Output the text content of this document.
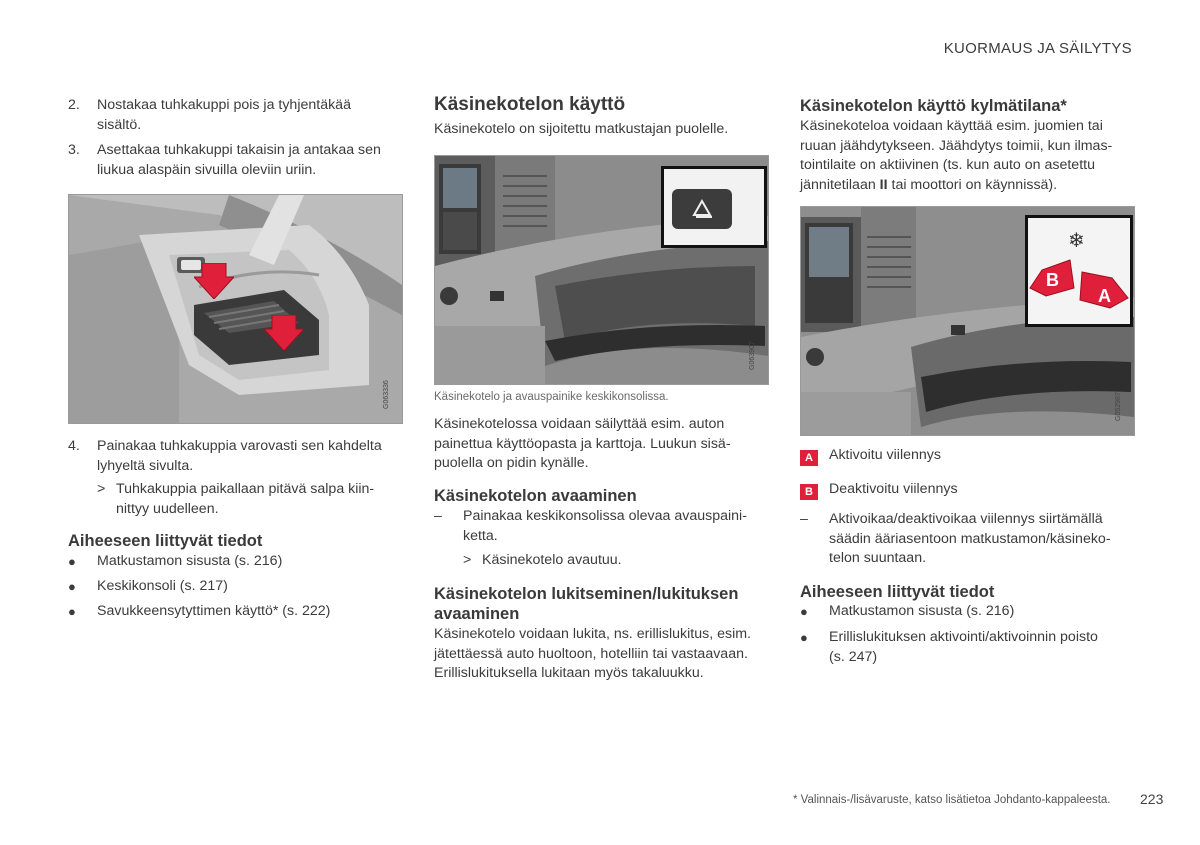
KUORMAUS JA SÄILYTYS
2. Nostakaa tuhkakuppi pois ja tyhjentäkää
sisältö.
3. Asettakaa tuhkakuppi takaisin ja antakaa sen
liukua alaspäin sivuilla oleviin uriin.
G063336
4. Painakaa tuhkakuppia varovasti sen kahdelta
lyhyeltä sivulta.
> Tuhkakuppia paikallaan pitävä salpa kiin-
nittyy uudelleen.
Aiheeseen liittyvät tiedot
● Matkustamon sisusta (s. 216)
● Keskikonsoli (s. 217)
● Savukkeensytyttimen käyttö* (s. 222)
Käsinekotelon käyttö
Käsinekotelo on sijoitettu matkustajan puolelle.
G063907
Käsinekotelo ja avauspainike keskikonsolissa.
Käsinekotelossa voidaan säilyttää esim. auton
painettua käyttöopasta ja karttoja. Luukun sisä-
puolella on pidin kynälle.
Käsinekotelon avaaminen
– Painakaa keskikonsolissa olevaa avauspaini-
ketta.
> Käsinekotelo avautuu.
Käsinekotelon lukitseminen/lukituksen
avaaminen
Käsinekotelo voidaan lukita, ns. erillislukitus, esim.
jätettäessä auto huoltoon, hotelliin tai vastaavaan.
Erillislukituksella lukitaan myös takaluukku.
Käsinekotelon käyttö kylmätilana*
Käsinekoteloa voidaan käyttää esim. juomien tai
ruuan jäähdytykseen. Jäähdytys toimii, kun ilmas-
tointilaite on aktiivinen (ts. kun auto on asetettu
jännitetilaan II tai moottori on käynnissä).
❄
B
A
G052987
A	Aktivoitu viilennys
B	Deaktivoitu viilennys
– Aktivoikaa/deaktivoikaa viilennys siirtämällä
säädin ääriasentoon matkustamon/käsineko-
telon suuntaan.
Aiheeseen liittyvät tiedot
● Matkustamon sisusta (s. 216)
● Erillislukituksen aktivointi/aktivoinnin poisto
(s. 247)
* Valinnais-/lisävaruste, katso lisätietoa Johdanto-kappaleesta. 223
